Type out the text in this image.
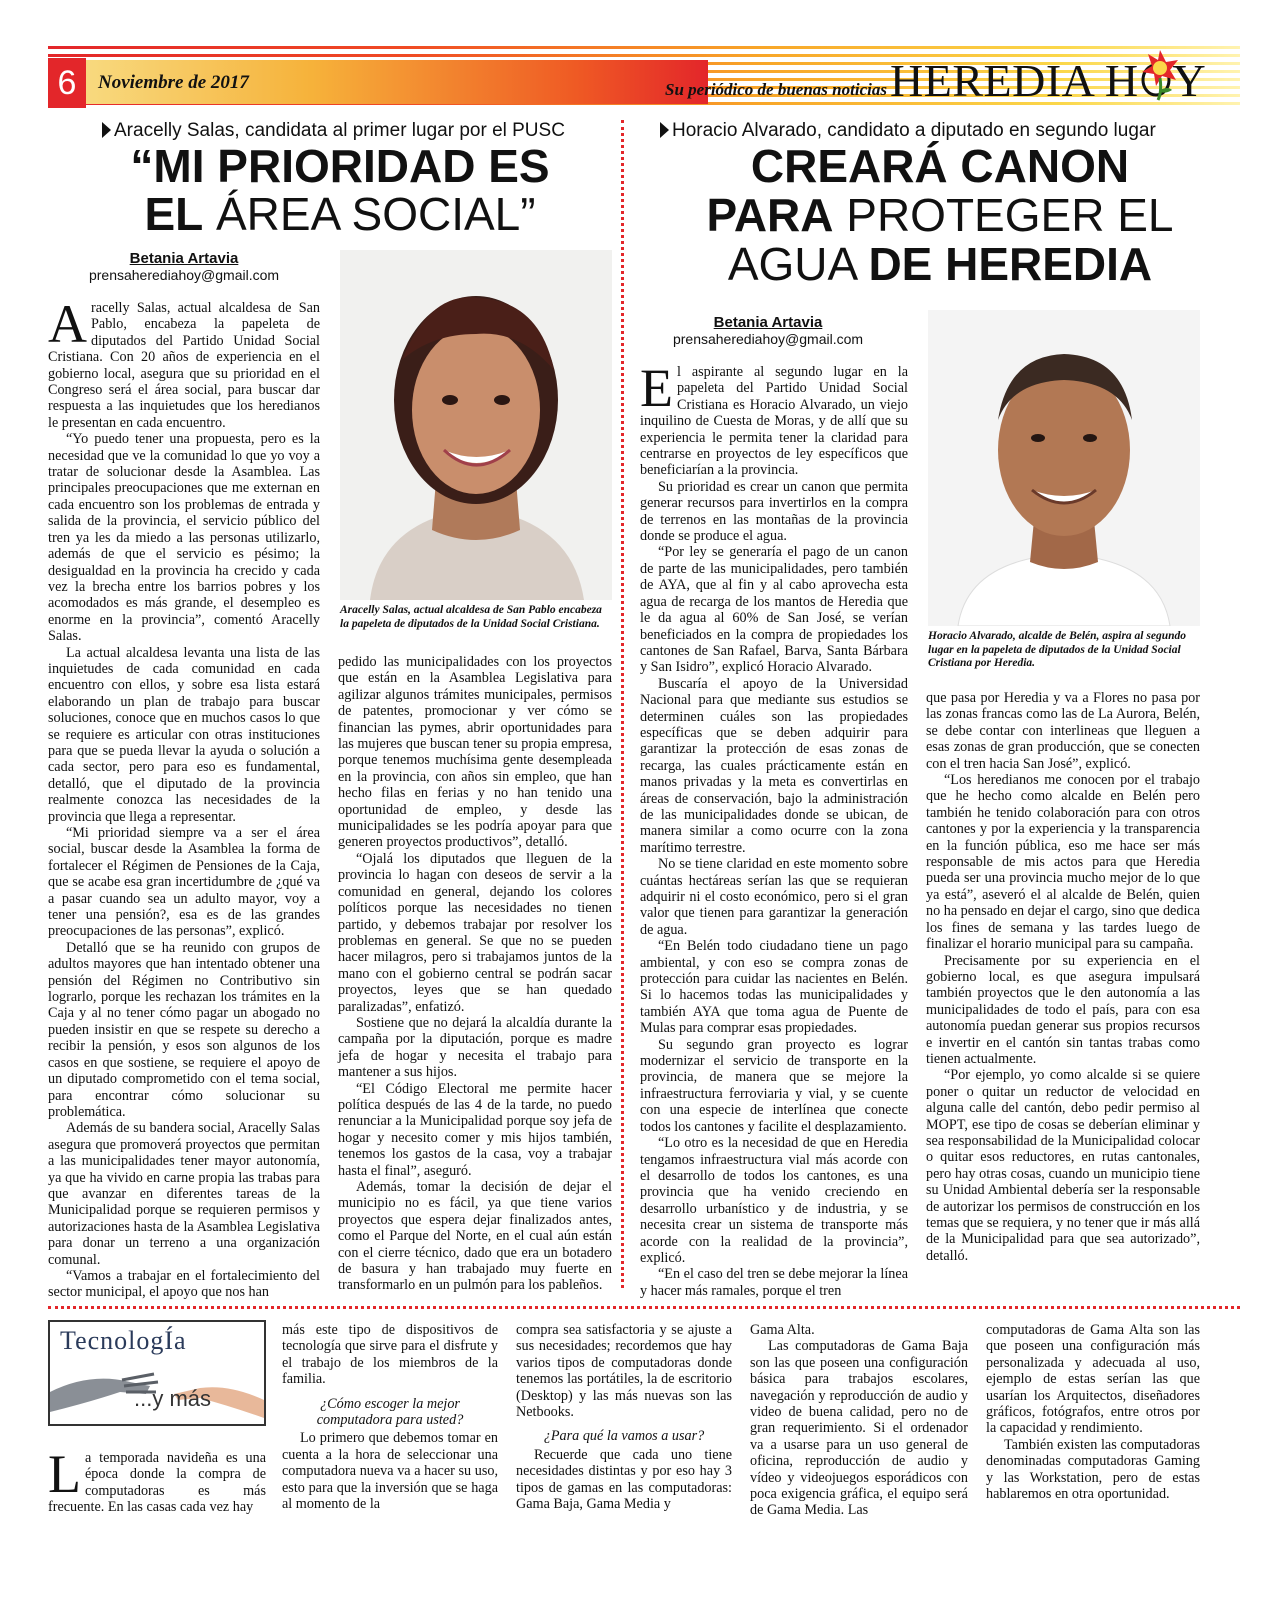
6	Noviembre de 2017	Su periódico de buenas noticias HEREDIA H Y
Aracelly Salas, candidata al primer lugar por el PUSC
“MI PRIORIDAD ES
EL ÁREA SOCIAL”
Betania Artavia
prensaherediahoy@gmail.com
Aracelly Salas, actual alcaldesa de San Pablo encabeza la papeleta de diputados de la Unidad Social Cristiana.

Aracelly Salas, actual alcaldesa de San Pablo, encabeza la papeleta de diputados del Partido Unidad Social Cristiana. Con 20 años de experiencia en el gobierno local, asegura que su prioridad en el Congreso será el área social, para buscar dar respuesta a las inquietudes que los heredianos le presentan en cada encuentro.

“Yo puedo tener una propuesta, pero es la necesidad que ve la comunidad lo que yo voy a tratar de solucionar desde la Asamblea. Las principales preocupaciones que me externan en cada encuentro son los problemas de entrada y salida de la provincia, el servicio público del tren ya les da miedo a las personas utilizarlo, además de que el servicio es pésimo; la desigualdad en la provincia ha crecido y cada vez la brecha entre los barrios pobres y los acomodados es más grande, el desempleo es enorme en la provincia”, comentó Aracelly Salas.

La actual alcaldesa levanta una lista de las inquietudes de cada comunidad en cada encuentro con ellos, y sobre esa lista estará elaborando un plan de trabajo para buscar soluciones, conoce que en muchos casos lo que se requiere es articular con otras instituciones para que se pueda llevar la ayuda o solución a cada sector, pero para eso es fundamental, detalló, que el diputado de la provincia realmente conozca las necesidades de la provincia que llega a representar.

“Mi prioridad siempre va a ser el área social, buscar desde la Asamblea la forma de fortalecer el Régimen de Pensiones de la Caja, que se acabe esa gran incertidumbre de ¿qué va a pasar cuando sea un adulto mayor, voy a tener una pensión?, esa es de las grandes preocupaciones de las personas”, explicó.

Detalló que se ha reunido con grupos de adultos mayores que han intentado obtener una pensión del Régimen no Contributivo sin lograrlo, porque les rechazan los trámites en la Caja y al no tener cómo pagar un abogado no pueden insistir en que se respete su derecho a recibir la pensión, y esos son algunos de los casos en que sostiene, se requiere el apoyo de un diputado comprometido con el tema social, para encontrar cómo solucionar su problemática.

Además de su bandera social, Aracelly Salas asegura que promoverá proyectos que permitan a las municipalidades tener mayor autonomía, ya que ha vivido en carne propia las trabas para que avanzar en diferentes tareas de la Municipalidad porque se requieren permisos y autorizaciones hasta de la Asamblea Legislativa para donar un terreno a una organización comunal.

“Vamos a trabajar en el fortalecimiento del sector municipal, el apoyo que nos han

pedido las municipalidades con los proyectos que están en la Asamblea Legislativa para agilizar algunos trámites municipales, permisos de patentes, promocionar y ver cómo se financian las pymes, abrir oportunidades para las mujeres que buscan tener su propia empresa, porque tenemos muchísima gente desempleada en la provincia, con años sin empleo, que han hecho filas en ferias y no han tenido una oportunidad de empleo, y desde las municipalidades se les podría apoyar para que generen proyectos productivos”, detalló.

“Ojalá los diputados que lleguen de la provincia lo hagan con deseos de servir a la comunidad en general, dejando los colores políticos porque las necesidades no tienen partido, y debemos trabajar por resolver los problemas en general. Se que no se pueden hacer milagros, pero si trabajamos juntos de la mano con el gobierno central se podrán sacar proyectos, leyes que se han quedado paralizadas”, enfatizó.

Sostiene que no dejará la alcaldía durante la campaña por la diputación, porque es madre jefa de hogar y necesita el trabajo para mantener a sus hijos.

“El Código Electoral me permite hacer política después de las 4 de la tarde, no puedo renunciar a la Municipalidad porque soy jefa de hogar y necesito comer y mis hijos también, tenemos los gastos de la casa, voy a trabajar hasta el final”, aseguró.

Además, tomar la decisión de dejar el municipio no es fácil, ya que tiene varios proyectos que espera dejar finalizados antes, como el Parque del Norte, en el cual aún están con el cierre técnico, dado que era un botadero de basura y han trabajado muy fuerte en transformarlo en un pulmón para los pableños.

Horacio Alvarado, candidato a diputado en segundo lugar
CREARÁ CANON
PARA PROTEGER EL
AGUA DE HEREDIA
Betania Artavia
prensaherediahoy@gmail.com
Horacio Alvarado, alcalde de Belén, aspira al segundo lugar en la papeleta de diputados de la Unidad Social Cristiana por Heredia.

El aspirante al segundo lugar en la papeleta del Partido Unidad Social Cristiana es Horacio Alvarado, un viejo inquilino de Cuesta de Moras, y de allí que su experiencia le permita tener la claridad para centrarse en proyectos de ley específicos que beneficiarían a la provincia.

Su prioridad es crear un canon que permita generar recursos para invertirlos en la compra de terrenos en las montañas de la provincia donde se produce el agua.

“Por ley se generaría el pago de un canon de parte de las municipalidades, pero también de AYA, que al fin y al cabo aprovecha esta agua de recarga de los mantos de Heredia que le da agua al 60% de San José, se verían beneficiados en la compra de propiedades los cantones de San Rafael, Barva, Santa Bárbara y San Isidro”, explicó Horacio Alvarado.

Buscaría el apoyo de la Universidad Nacional para que mediante sus estudios se determinen cuáles son las propiedades específicas que se deben adquirir para garantizar la protección de esas zonas de recarga, las cuales prácticamente están en manos privadas y la meta es convertirlas en áreas de conservación, bajo la administración de las municipalidades donde se ubican, de manera similar a como ocurre con la zona marítimo terrestre.

No se tiene claridad en este momento sobre cuántas hectáreas serían las que se requieran adquirir ni el costo económico, pero si el gran valor que tienen para garantizar la generación de agua.

“En Belén todo ciudadano tiene un pago ambiental, y con eso se compra zonas de protección para cuidar las nacientes en Belén. Si lo hacemos todas las municipalidades y también AYA que toma agua de Puente de Mulas para comprar esas propiedades.

Su segundo gran proyecto es lograr modernizar el servicio de transporte en la provincia, de manera que se mejore la infraestructura ferroviaria y vial, y se cuente con una especie de interlínea que conecte todos los cantones y facilite el desplazamiento.

“Lo otro es la necesidad de que en Heredia tengamos infraestructura vial más acorde con el desarrollo de todos los cantones, es una provincia que ha venido creciendo en desarrollo urbanístico y de industria, y se necesita crear un sistema de transporte más acorde con la realidad de la provincia”, explicó.

“En el caso del tren se debe mejorar la línea y hacer más ramales, porque el tren

que pasa por Heredia y va a Flores no pasa por las zonas francas como las de La Aurora, Belén, se debe contar con interlineas que lleguen a esas zonas de gran producción, que se conecten con el tren hacia San José”, explicó.

“Los heredianos me conocen por el trabajo que he hecho como alcalde en Belén pero también he tenido colaboración para con otros cantones y por la experiencia y la transparencia en la función pública, eso me hace ser más responsable de mis actos para que Heredia pueda ser una provincia mucho mejor de lo que ya está”, aseveró el al alcalde de Belén, quien no ha pensado en dejar el cargo, sino que dedica los fines de semana y las tardes luego de finalizar el horario municipal para su campaña.

Precisamente por su experiencia en el gobierno local, es que asegura impulsará también proyectos que le den autonomía a las municipalidades de todo el país, para con esa autonomía puedan generar sus propios recursos e invertir en el cantón sin tantas trabas como tienen actualmente.

“Por ejemplo, yo como alcalde si se quiere poner o quitar un reductor de velocidad en alguna calle del cantón, debo pedir permiso al MOPT, ese tipo de cosas se deberían eliminar y sea responsabilidad de la Municipalidad colocar o quitar esos reductores, en rutas cantonales, pero hay otras cosas, cuando un municipio tiene su Unidad Ambiental debería ser la responsable de autorizar los permisos de construcción en los temas que se requiera, y no tener que ir más allá de la Municipalidad para que sea autorizado”, detalló.

TecnologÍa
...y más

La temporada navideña es una época donde la compra de computadoras es más frecuente. En las casas cada vez hay

más este tipo de dispositivos de tecnología que sirve para el disfrute y el trabajo de los miembros de la familia.

¿Cómo escoger la mejor computadora para usted?

Lo primero que debemos tomar en cuenta a la hora de seleccionar una computadora nueva va a hacer su uso, esto para que la inversión que se haga al momento de la

compra sea satisfactoria y se ajuste a sus necesidades; recordemos que hay varios tipos de computadoras donde tenemos las portátiles, la de escritorio (Desktop) y las más nuevas son las Netbooks.

¿Para qué la vamos a usar?

Recuerde que cada uno tiene necesidades distintas y por eso hay 3 tipos de gamas en las computadoras: Gama Baja, Gama Media y

Gama Alta.

Las computadoras de Gama Baja son las que poseen una configuración básica para trabajos escolares, navegación y reproducción de audio y video de buena calidad, pero no de gran requerimiento. Si el ordenador va a usarse para un uso general de oficina, reproducción de audio y vídeo y videojuegos esporádicos con poca exigencia gráfica, el equipo será de Gama Media. Las

computadoras de Gama Alta son las que poseen una configuración más personalizada y adecuada al uso, ejemplo de estas serían las que usarían los Arquitectos, diseñadores gráficos, fotógrafos, entre otros por la capacidad y rendimiento.

También existen las computadoras denominadas computadoras Gaming y las Workstation, pero de estas hablaremos en otra oportunidad.
